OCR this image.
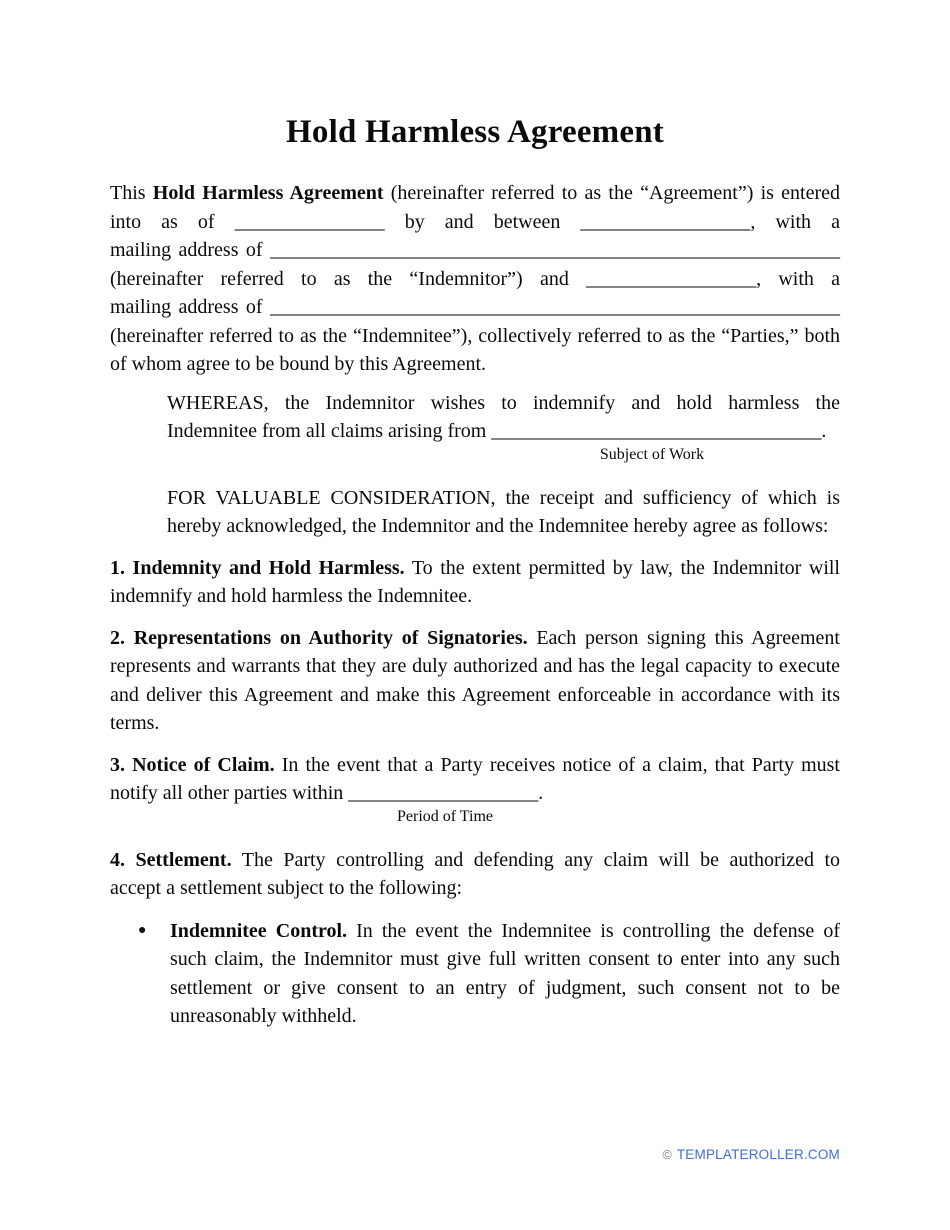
Hold Harmless Agreement
This Hold Harmless Agreement (hereinafter referred to as the “Agreement”) is entered
into as of _______________ by and between _________________, with a
mailing address of _________________________________________________________
(hereinafter referred to as the “Indemnitor”) and _________________, with a
mailing address of _________________________________________________________
(hereinafter referred to as the “Indemnitee”), collectively referred to as the “Parties,” both
of whom agree to be bound by this Agreement.
WHEREAS, the Indemnitor wishes to indemnify and hold harmless the
Indemnitee from all claims arising from _________________________________.
Subject of Work
FOR VALUABLE CONSIDERATION, the receipt and sufficiency of which is
hereby acknowledged, the Indemnitor and the Indemnitee hereby agree as follows:
1. Indemnity and Hold Harmless. To the extent permitted by law, the Indemnitor will
indemnify and hold harmless the Indemnitee.
2. Representations on Authority of Signatories. Each person signing this Agreement
represents and warrants that they are duly authorized and has the legal capacity to execute
and deliver this Agreement and make this Agreement enforceable in accordance with its
terms.
3. Notice of Claim. In the event that a Party receives notice of a claim, that Party must
notify all other parties within ___________________.
Period of Time
4. Settlement. The Party controlling and defending any claim will be authorized to
accept a settlement subject to the following:
● Indemnitee Control. In the event the Indemnitee is controlling the defense of
such claim, the Indemnitor must give full written consent to enter into any such
settlement or give consent to an entry of judgment, such consent not to be
unreasonably withheld.
© TEMPLATEROLLER.COM
